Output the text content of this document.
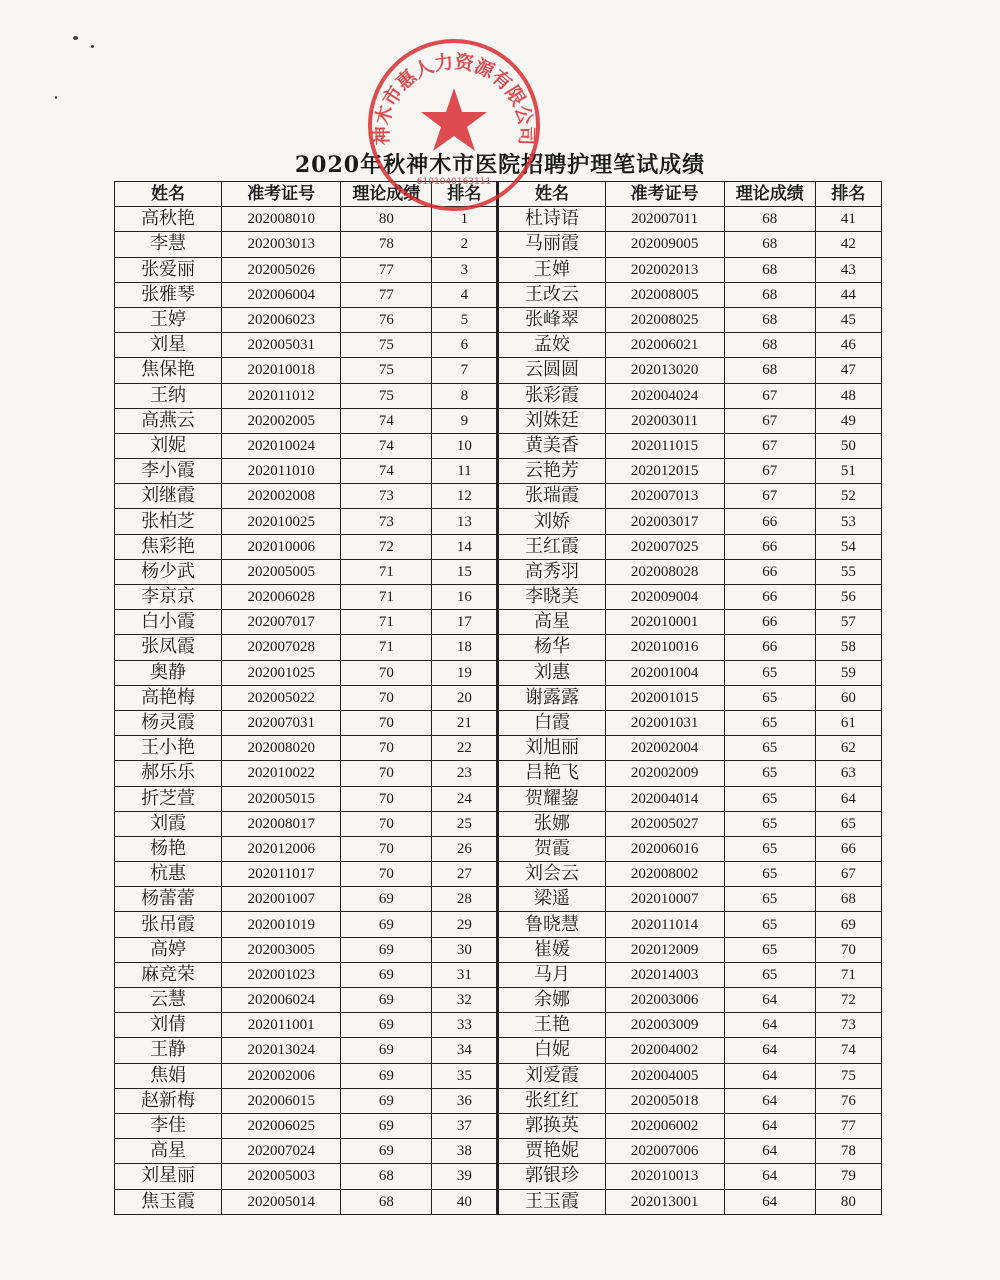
2020年秋神木市医院招聘护理笔试成绩
姓名	准考证号	理论成绩	排名	姓名	准考证号	理论成绩	排名
高秋艳	202008010	80	1	杜诗语	202007011	68	41
李慧	202003013	78	2	马丽霞	202009005	68	42
张爱丽	202005026	77	3	王婵	202002013	68	43
张雅琴	202006004	77	4	王改云	202008005	68	44
王婷	202006023	76	5	张峰翠	202008025	68	45
刘星	202005031	75	6	孟姣	202006021	68	46
焦保艳	202010018	75	7	云圆圆	202013020	68	47
王纳	202011012	75	8	张彩霞	202004024	67	48
高燕云	202002005	74	9	刘姝廷	202003011	67	49
刘妮	202010024	74	10	黄美香	202011015	67	50
李小霞	202011010	74	11	云艳芳	202012015	67	51
刘继霞	202002008	73	12	张瑞霞	202007013	67	52
张柏芝	202010025	73	13	刘娇	202003017	66	53
焦彩艳	202010006	72	14	王红霞	202007025	66	54
杨少武	202005005	71	15	高秀羽	202008028	66	55
李京京	202006028	71	16	李晓美	202009004	66	56
白小霞	202007017	71	17	高星	202010001	66	57
张凤霞	202007028	71	18	杨华	202010016	66	58
奥静	202001025	70	19	刘惠	202001004	65	59
高艳梅	202005022	70	20	谢露露	202001015	65	60
杨灵霞	202007031	70	21	白霞	202001031	65	61
王小艳	202008020	70	22	刘旭丽	202002004	65	62
郝乐乐	202010022	70	23	吕艳飞	202002009	65	63
折芝萱	202005015	70	24	贺耀鋆	202004014	65	64
刘霞	202008017	70	25	张娜	202005027	65	65
杨艳	202012006	70	26	贺霞	202006016	65	66
杭惠	202011017	70	27	刘会云	202008002	65	67
杨蕾蕾	202001007	69	28	梁遥	202010007	65	68
张吊霞	202001019	69	29	鲁晓慧	202011014	65	69
高婷	202003005	69	30	崔媛	202012009	65	70
麻竞荣	202001023	69	31	马月	202014003	65	71
云慧	202006024	69	32	余娜	202003006	64	72
刘倩	202011001	69	33	王艳	202003009	64	73
王静	202013024	69	34	白妮	202004002	64	74
焦娟	202002006	69	35	刘爱霞	202004005	64	75
赵新梅	202006015	69	36	张红红	202005018	64	76
李佳	202006025	69	37	郭换英	202006002	64	77
高星	202007024	69	38	贾艳妮	202007006	64	78
刘星丽	202005003	68	39	郭银珍	202010013	64	79
焦玉霞	202005014	68	40	王玉霞	202013001	64	80
神木市惠人力资源有限公司
6101040163111
